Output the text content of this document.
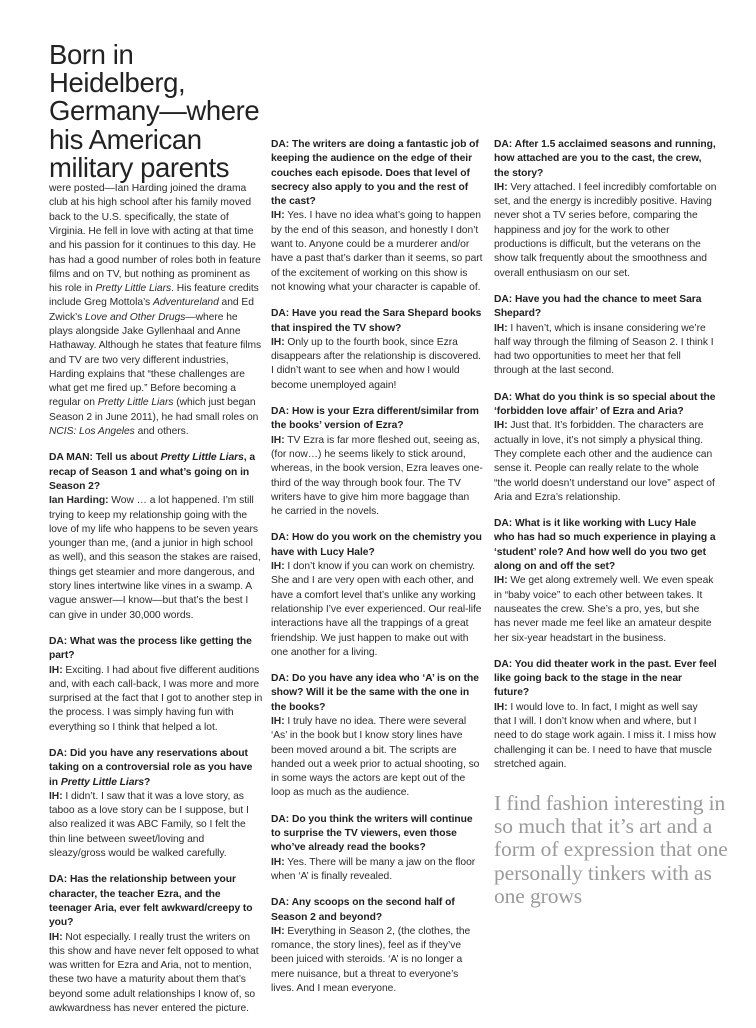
Born in Heidelberg, Germany—where his American military parents

were posted—Ian Harding joined the drama club at his high school after his family moved back to the U.S. specifically, the state of Virginia. He fell in love with acting at that time and his passion for it continues to this day. He has had a good number of roles both in feature films and on TV, but nothing as prominent as his role in Pretty Little Liars. His feature credits include Greg Mottola’s Adventureland and Ed Zwick’s Love and Other Drugs—where he plays alongside Jake Gyllenhaal and Anne Hathaway. Although he states that feature films and TV are two very different industries, Harding explains that “these challenges are what get me fired up.” Before becoming a regular on Pretty Little Liars (which just began Season 2 in June 2011), he had small roles on NCIS: Los Angeles and others.

DA MAN: Tell us about Pretty Little Liars, a recap of Season 1 and what’s going on in Season 2?

Ian Harding: Wow … a lot happened. I’m still trying to keep my relationship going with the love of my life who happens to be seven years younger than me, (and a junior in high school as well), and this season the stakes are raised, things get steamier and more dangerous, and story lines intertwine like vines in a swamp. A vague answer—I know—but that’s the best I can give in under 30,000 words.

DA: What was the process like getting the part?

IH: Exciting. I had about five different auditions and, with each call-back, I was more and more surprised at the fact that I got to another step in the process. I was simply having fun with everything so I think that helped a lot.

DA: Did you have any reservations about taking on a controversial role as you have in Pretty Little Liars?

IH: I didn’t. I saw that it was a love story, as taboo as a love story can be I suppose, but I also realized it was ABC Family, so I felt the thin line between sweet/loving and sleazy/gross would be walked carefully.

DA: Has the relationship between your character, the teacher Ezra, and the teenager Aria, ever felt awkward/creepy to you?

IH: Not especially. I really trust the writers on this show and have never felt opposed to what was written for Ezra and Aria, not to mention, these two have a maturity about them that’s beyond some adult relationships I know of, so awkwardness has never entered the picture.

DA: The writers are doing a fantastic job of keeping the audience on the edge of their couches each episode. Does that level of secrecy also apply to you and the rest of the cast?

IH: Yes. I have no idea what’s going to happen by the end of this season, and honestly I don’t want to. Anyone could be a murderer and/or have a past that’s darker than it seems, so part of the excitement of working on this show is not knowing what your character is capable of.

DA: Have you read the Sara Shepard books that inspired the TV show?

IH: Only up to the fourth book, since Ezra disappears after the relationship is discovered. I didn’t want to see when and how I would become unemployed again!

DA: How is your Ezra different/similar from the books’ version of Ezra?

IH: TV Ezra is far more fleshed out, seeing as, (for now…) he seems likely to stick around, whereas, in the book version, Ezra leaves one-third of the way through book four. The TV writers have to give him more baggage than he carried in the novels.

DA: How do you work on the chemistry you have with Lucy Hale?

IH: I don’t know if you can work on chemistry. She and I are very open with each other, and have a comfort level that’s unlike any working relationship I’ve ever experienced. Our real-life interactions have all the trappings of a great friendship. We just happen to make out with one another for a living.

DA: Do you have any idea who ‘A’ is on the show? Will it be the same with the one in the books?

IH: I truly have no idea. There were several ‘As’ in the book but I know story lines have been moved around a bit. The scripts are handed out a week prior to actual shooting, so in some ways the actors are kept out of the loop as much as the audience.

DA: Do you think the writers will continue to surprise the TV viewers, even those who’ve already read the books?

IH: Yes. There will be many a jaw on the floor when ‘A’ is finally revealed.

DA: Any scoops on the second half of Season 2 and beyond?

IH: Everything in Season 2, (the clothes, the romance, the story lines), feel as if they’ve been juiced with steroids. ‘A’ is no longer a mere nuisance, but a threat to everyone’s lives. And I mean everyone.

DA: After 1.5 acclaimed seasons and running, how attached are you to the cast, the crew, the story?

IH: Very attached. I feel incredibly comfortable on set, and the energy is incredibly positive. Having never shot a TV series before, comparing the happiness and joy for the work to other productions is difficult, but the veterans on the show talk frequently about the smoothness and overall enthusiasm on our set.

DA: Have you had the chance to meet Sara Shepard?

IH: I haven’t, which is insane considering we’re half way through the filming of Season 2. I think I had two opportunities to meet her that fell through at the last second.

DA: What do you think is so special about the ‘forbidden love affair’ of Ezra and Aria?

IH: Just that. It’s forbidden. The characters are actually in love, it’s not simply a physical thing. They complete each other and the audience can sense it. People can really relate to the whole “the world doesn’t understand our love” aspect of Aria and Ezra’s relationship.

DA: What is it like working with Lucy Hale who has had so much experience in playing a ‘student’ role? And how well do you two get along on and off the set?

IH: We get along extremely well. We even speak in “baby voice” to each other between takes. It nauseates the crew. She’s a pro, yes, but she has never made me feel like an amateur despite her six-year headstart in the business.

DA: You did theater work in the past. Ever feel like going back to the stage in the near future?

IH: I would love to. In fact, I might as well say that I will. I don’t know when and where, but I need to do stage work again. I miss it. I miss how challenging it can be. I need to have that muscle stretched again.

I find fashion interesting in so much that it’s art and a form of expression that one personally tinkers with as one grows
